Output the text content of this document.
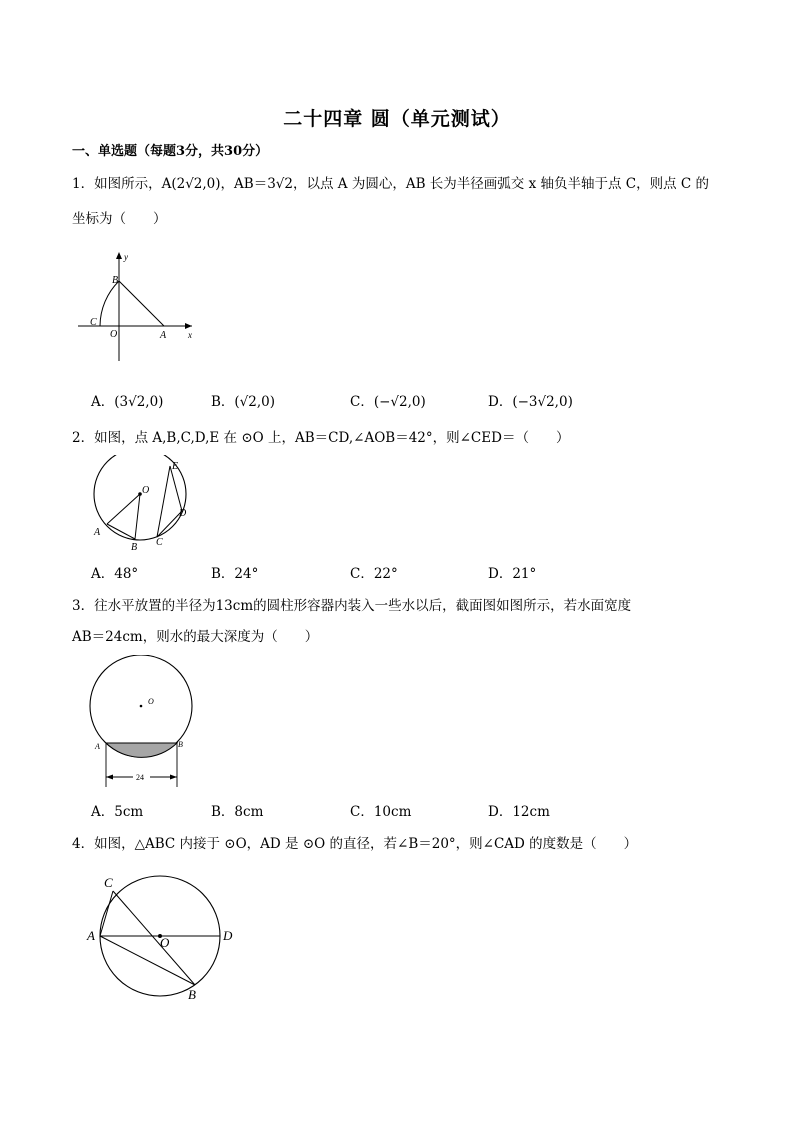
二十四章 圆（单元测试）
一、单选题（每题3分，共30分）
1．如图所示，A(2√2,0)，AB＝3√2，以点 A 为圆心，AB 长为半径画弧交 x 轴负半轴于点 C，则点 C 的
坐标为（　　）
y
B
C
O	A x
A．(3√2,0)	B．(√2,0)	C．(−√2,0)	D．(−3√2,0)
2．如图，点 A,B,C,D,E 在 ⊙O 上，AB＝CD,∠AOB＝42°，则∠CED＝（　　）
O
A
B C
D
E
A．48°	B．24°	C．22°	D．21°
3．往水平放置的半径为13cm的圆柱形容器内装入一些水以后，截面图如图所示，若水面宽度
AB＝24cm，则水的最大深度为（　　）
O
A	B
24
A．5cm	B．8cm	C．10cm	D．12cm
4．如图，△ABC 内接于 ⊙O，AD 是 ⊙O 的直径，若∠B＝20°，则∠CAD 的度数是（　　）
A
C
O	D
B
